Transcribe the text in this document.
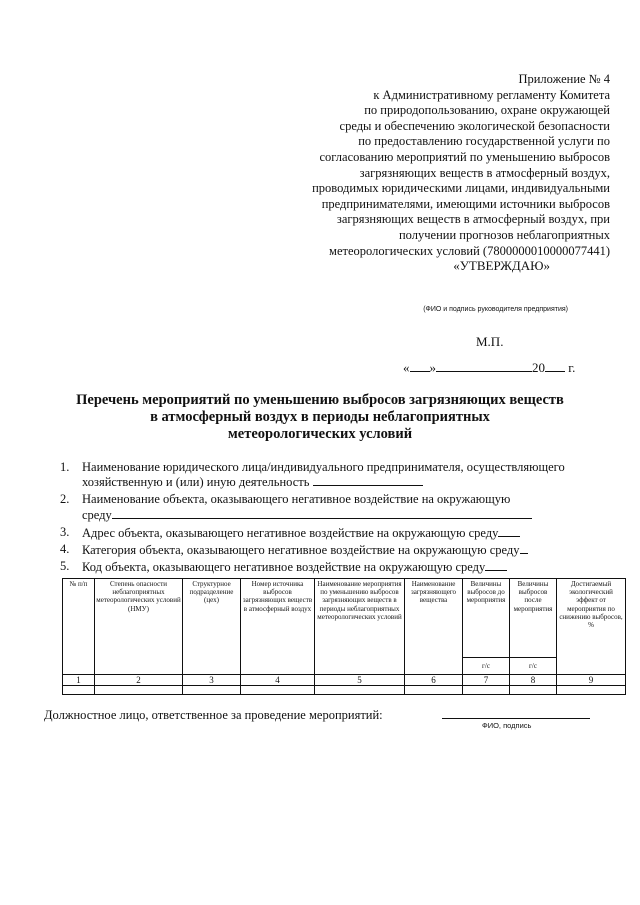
Приложение № 4
к Административному регламенту Комитета
по природопользованию, охране окружающей
среды и обеспечению экологической безопасности
по предоставлению государственной услуги по
согласованию мероприятий по уменьшению выбросов
загрязняющих веществ в атмосферный воздух,
проводимых юридическими лицами, индивидуальными
предпринимателями, имеющими источники выбросов
загрязняющих веществ в атмосферный воздух, при
получении прогнозов неблагоприятных
метеорологических условий (7800000010000077441)
«УТВЕРЖДАЮ»
(ФИО и подпись руководителя предприятия)
М.П.
« »	20 г.
Перечень мероприятий по уменьшению выбросов загрязняющих веществ
в атмосферный воздух в периоды неблагоприятных
метеорологических условий
1.	Наименование юридического лица/индивидуального предпринимателя, осуществляющего
хозяйственную и (или) иную деятельность
2.	Наименование объекта, оказывающего негативное воздействие на окружающую
среду
3.	Адрес объекта, оказывающего негативное воздействие на окружающую среду
4.	Категория объекта, оказывающего негативное воздействие на окружающую среду
5.	Код объекта, оказывающего негативное воздействие на окружающую среду
№ п/п	Степень опасности неблагоприятных метеорологических условий (НМУ)	Структурное подразделение (цех)	Номер источника выбросов загрязняющих веществ в атмосферный воздух	Наименование мероприятия по уменьшению выбросов загрязняющих веществ в периоды неблагоприятных метеорологических условий	Наименование загрязняющего вещества	Величины выбросов до мероприятия	Величины выбросов после мероприятия	Достигаемый экологический эффект от мероприятия по снижению выбросов, %
						г/с	г/с	
1	2	3	4	5	6	7	8	9

Должностное лицо, ответственное за проведение мероприятий:
ФИО, подпись
